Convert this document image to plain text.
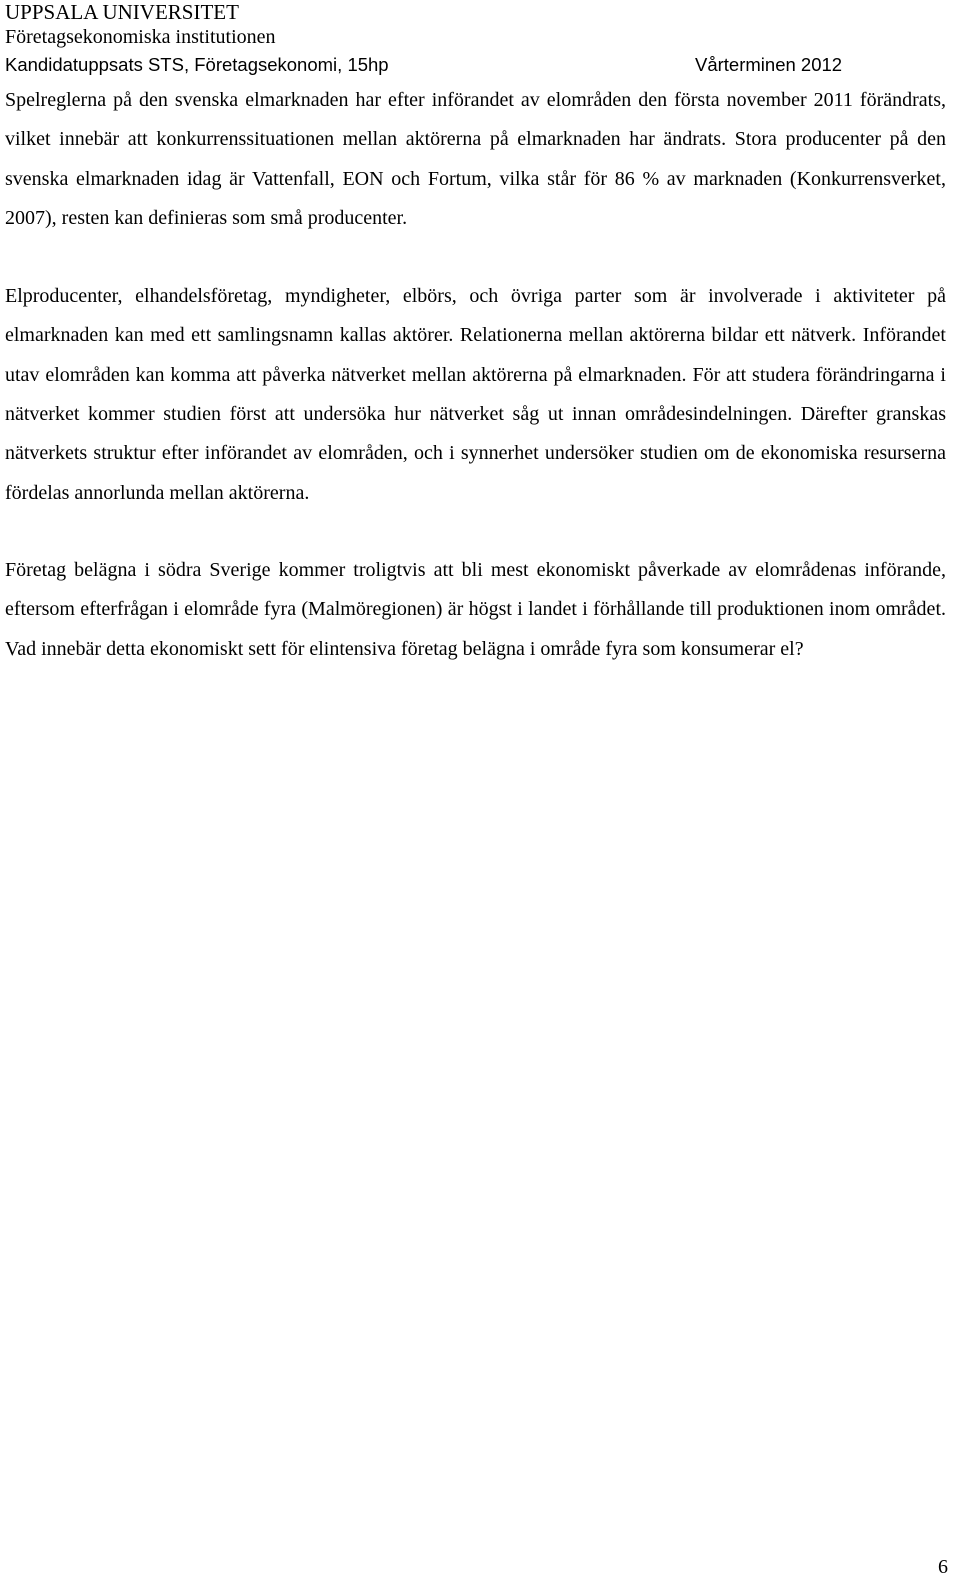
UPPSALA UNIVERSITET
Företagsekonomiska institutionen
Kandidatuppsats STS, Företagsekonomi, 15hp	Vårterminen 2012

Spelreglerna på den svenska elmarknaden har efter införandet av elområden den första november 2011 förändrats, vilket innebär att konkurrenssituationen mellan aktörerna på elmarknaden har ändrats. Stora producenter på den svenska elmarknaden idag är Vattenfall, EON och Fortum, vilka står för 86 % av marknaden (Konkurrensverket, 2007), resten kan definieras som små producenter.

Elproducenter, elhandelsföretag, myndigheter, elbörs, och övriga parter som är involverade i aktiviteter på elmarknaden kan med ett samlingsnamn kallas aktörer. Relationerna mellan aktörerna bildar ett nätverk. Införandet utav elområden kan komma att påverka nätverket mellan aktörerna på elmarknaden. För att studera förändringarna i nätverket kommer studien först att undersöka hur nätverket såg ut innan områdesindelningen. Därefter granskas nätverkets struktur efter införandet av elområden, och i synnerhet undersöker studien om de ekonomiska resurserna fördelas annorlunda mellan aktörerna.

Företag belägna i södra Sverige kommer troligtvis att bli mest ekonomiskt påverkade av elområdenas införande, eftersom efterfrågan i elområde fyra (Malmöregionen) är högst i landet i förhållande till produktionen inom området. Vad innebär detta ekonomiskt sett för elintensiva företag belägna i område fyra som konsumerar el?

6
